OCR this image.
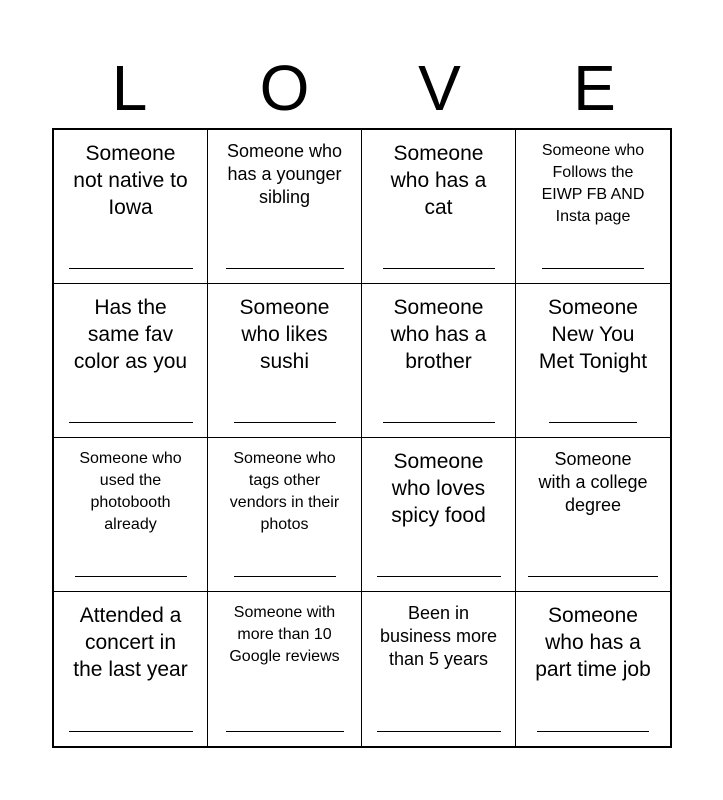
L	O	V	E
Someone
not native to
Iowa
Someone who
has a younger
sibling
Someone
who has a
cat
Someone who
Follows the
EIWP FB AND
Insta page
Has the
same fav
color as you
Someone
who likes
sushi
Someone
who has a
brother
Someone
New You
Met Tonight
Someone who
used the
photobooth
already
Someone who
tags other
vendors in their
photos
Someone
who loves
spicy food
Someone
with a college
degree
Attended a
concert in
the last year
Someone with
more than 10
Google reviews
Been in
business more
than 5 years
Someone
who has a
part time job
